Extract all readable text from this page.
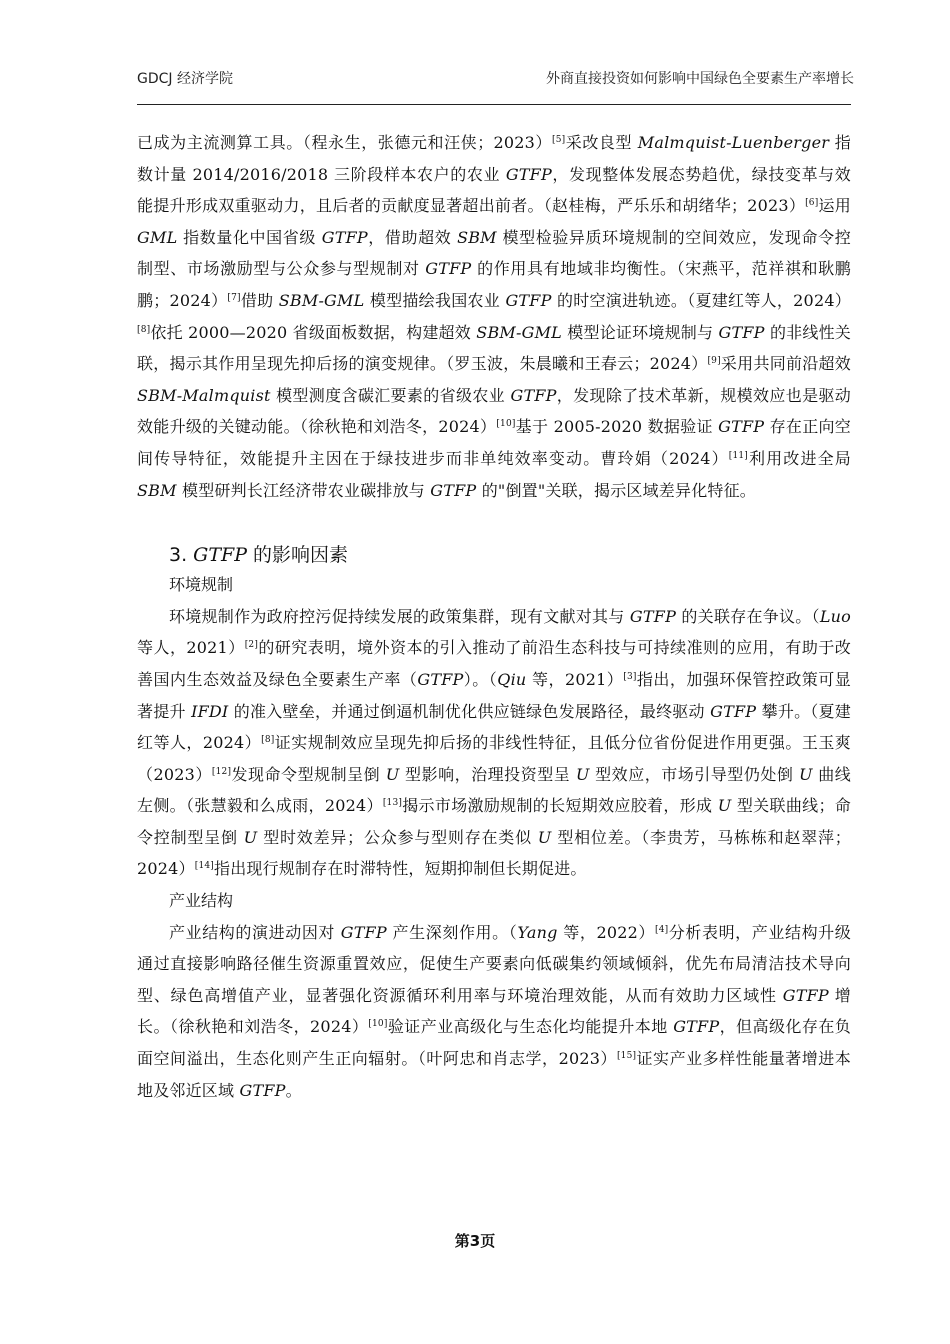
GDCJ 经济学院	外商直接投资如何影响中国绿色全要素生产率增长

已成为主流测算工具。（程永生，张德元和汪侠；2023）[5]采改良型 Malmquist-Luenberger 指数计量 2014/2016/2018 三阶段样本农户的农业 GTFP，发现整体发展态势趋优，绿技变革与效能提升形成双重驱动力，且后者的贡献度显著超出前者。（赵桂梅，严乐乐和胡绪华；2023）[6]运用 GML 指数量化中国省级 GTFP，借助超效 SBM 模型检验异质环境规制的空间效应，发现命令控制型、市场激励型与公众参与型规制对 GTFP 的作用具有地域非均衡性。（宋燕平，范祥祺和耿鹏鹏；2024）[7]借助 SBM-GML 模型描绘我国农业 GTFP 的时空演进轨迹。（夏建红等人，2024）[8]依托 2000—2020 省级面板数据，构建超效 SBM-GML 模型论证环境规制与 GTFP 的非线性关联，揭示其作用呈现先抑后扬的演变规律。（罗玉波，朱晨曦和王春云；2024）[9]采用共同前沿超效 SBM-Malmquist 模型测度含碳汇要素的省级农业 GTFP，发现除了技术革新，规模效应也是驱动效能升级的关键动能。（徐秋艳和刘浩冬，2024）[10]基于 2005-2020 数据验证 GTFP 存在正向空间传导特征，效能提升主因在于绿技进步而非单纯效率变动。曹玲娟（2024）[11]利用改进全局 SBM 模型研判长江经济带农业碳排放与 GTFP 的"倒置"关联，揭示区域差异化特征。

3. GTFP 的影响因素

环境规制

环境规制作为政府控污促持续发展的政策集群，现有文献对其与 GTFP 的关联存在争议。（Luo 等人，2021）[2]的研究表明，境外资本的引入推动了前沿生态科技与可持续准则的应用，有助于改善国内生态效益及绿色全要素生产率（GTFP）。（Qiu 等，2021）[3]指出，加强环保管控政策可显著提升 IFDI 的准入壁垒，并通过倒逼机制优化供应链绿色发展路径，最终驱动 GTFP 攀升。（夏建红等人，2024）[8]证实规制效应呈现先抑后扬的非线性特征，且低分位省份促进作用更强。王玉爽（2023）[12]发现命令型规制呈倒 U 型影响，治理投资型呈 U 型效应，市场引导型仍处倒 U 曲线左侧。（张慧毅和么成雨，2024）[13]揭示市场激励规制的长短期效应胶着，形成 U 型关联曲线；命令控制型呈倒 U 型时效差异；公众参与型则存在类似 U 型相位差。（李贵芳，马栋栋和赵翠萍；2024）[14]指出现行规制存在时滞特性，短期抑制但长期促进。

产业结构

产业结构的演进动因对 GTFP 产生深刻作用。（Yang 等，2022）[4]分析表明，产业结构升级通过直接影响路径催生资源重置效应，促使生产要素向低碳集约领域倾斜，优先布局清洁技术导向型、绿色高增值产业，显著强化资源循环利用率与环境治理效能，从而有效助力区域性 GTFP 增长。（徐秋艳和刘浩冬，2024）[10]验证产业高级化与生态化均能提升本地 GTFP，但高级化存在负面空间溢出，生态化则产生正向辐射。（叶阿忠和肖志学，2023）[15]证实产业多样性能量著增进本地及邻近区域 GTFP。

第3页
